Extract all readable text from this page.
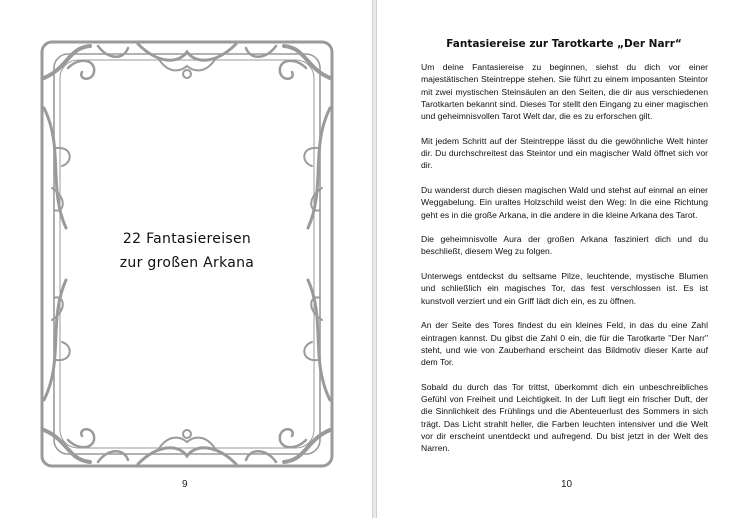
22 Fantasiereisen
zur großen Arkana
9
Fantasiereise zur Tarotkarte „Der Narr“

Um deine Fantasiereise zu beginnen, siehst du dich vor einer majestätischen Steintreppe stehen. Sie führt zu einem imposanten Steintor mit zwei mystischen Steinsäulen an den Seiten, die dir aus verschiedenen Tarotkarten bekannt sind. Dieses Tor stellt den Eingang zu einer magischen und geheimnisvollen Tarot Welt dar, die es zu erforschen gilt.

Mit jedem Schritt auf der Steintreppe lässt du die gewöhnliche Welt hinter dir. Du durchschreitest das Steintor und ein magischer Wald öffnet sich vor dir.

Du wanderst durch diesen magischen Wald und stehst auf einmal an einer Weggabelung. Ein uraltes Holzschild weist den Weg: In die eine Richtung geht es in die große Arkana, in die andere in die kleine Arkana des Tarot.

Die geheimnisvolle Aura der großen Arkana fasziniert dich und du beschließt, diesem Weg zu folgen.

Unterwegs entdeckst du seltsame Pilze, leuchtende, mystische Blumen und schließlich ein magisches Tor, das fest verschlossen ist. Es ist kunstvoll verziert und ein Griff lädt dich ein, es zu öffnen.

An der Seite des Tores findest du ein kleines Feld, in das du eine Zahl eintragen kannst. Du gibst die Zahl 0 ein, die für die Tarotkarte "Der Narr" steht, und wie von Zauberhand erscheint das Bildmotiv dieser Karte auf dem Tor.

Sobald du durch das Tor trittst, überkommt dich ein unbeschreibliches Gefühl von Freiheit und Leichtigkeit. In der Luft liegt ein frischer Duft, der die Sinnlichkeit des Frühlings und die Abenteuerlust des Sommers in sich trägt. Das Licht strahlt heller, die Farben leuchten intensiver und die Welt vor dir erscheint unentdeckt und aufregend. Du bist jetzt in der Welt des Narren.

10
